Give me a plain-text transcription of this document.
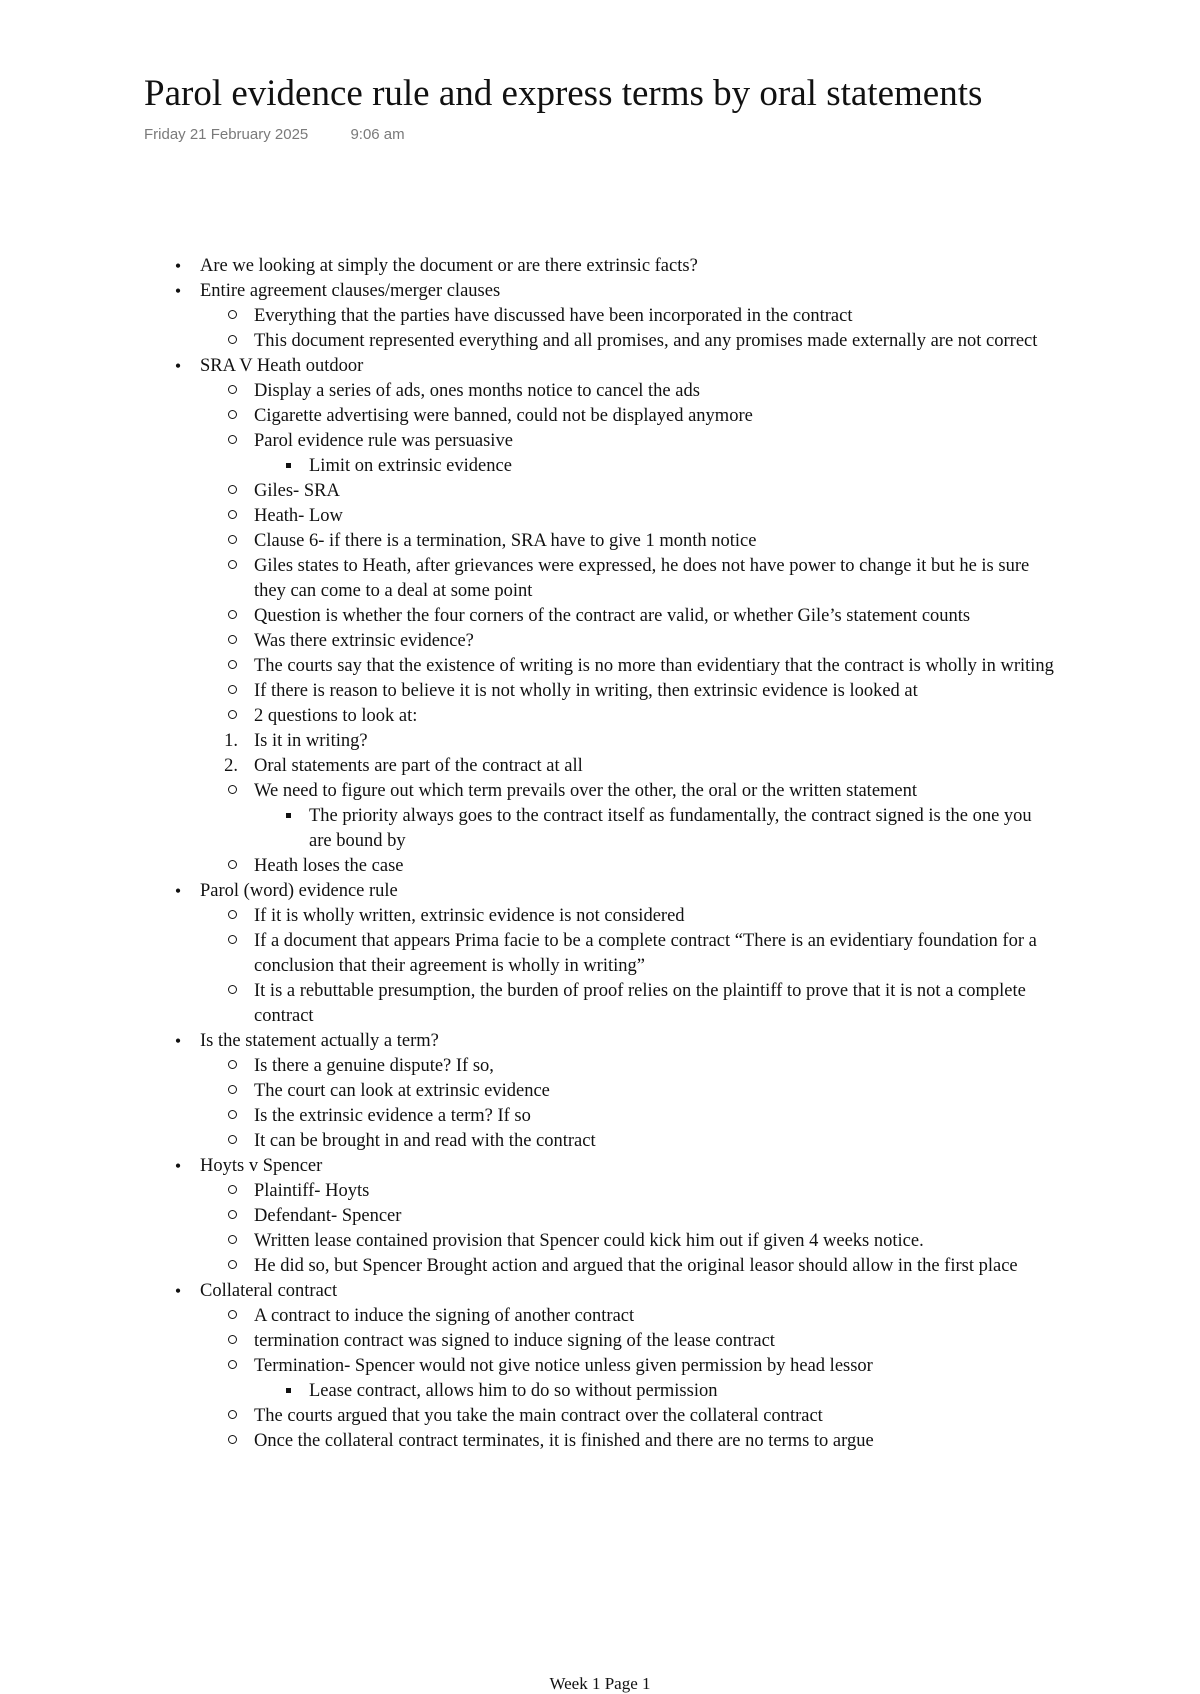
Parol evidence rule and express terms by oral statements
Friday 21 February 2025	9:06 am
•
Are we looking at simply the document or are there extrinsic facts?
•
Entire agreement clauses/merger clauses
Everything that the parties have discussed have been incorporated in the contract
This document represented everything and all promises, and any promises made externally are not correct
•
SRA V Heath outdoor
Display a series of ads, ones months notice to cancel the ads
Cigarette advertising were banned, could not be displayed anymore
Parol evidence rule was persuasive
Limit on extrinsic evidence
Giles- SRA
Heath- Low
Clause 6- if there is a termination, SRA have to give 1 month notice
Giles states to Heath, after grievances were expressed, he does not have power to change it but he is sure they can come to a deal at some point
Question is whether the four corners of the contract are valid, or whether Gile’s statement counts
Was there extrinsic evidence?
The courts say that the existence of writing is no more than evidentiary that the contract is wholly in writing
If there is reason to believe it is not wholly in writing, then extrinsic evidence is looked at
2 questions to look at:
1. Is it in writing?
2. Oral statements are part of the contract at all
We need to figure out which term prevails over the other, the oral or the written statement
The priority always goes to the contract itself as fundamentally, the contract signed is the one you are bound by
Heath loses the case
•
Parol (word) evidence rule
If it is wholly written, extrinsic evidence is not considered
If a document that appears Prima facie to be a complete contract “There is an evidentiary foundation for a conclusion that their agreement is wholly in writing”
It is a rebuttable presumption, the burden of proof relies on the plaintiff to prove that it is not a complete contract
•
Is the statement actually a term?
Is there a genuine dispute? If so,
The court can look at extrinsic evidence
Is the extrinsic evidence a term? If so
It can be brought in and read with the contract
•
Hoyts v Spencer
Plaintiff- Hoyts
Defendant- Spencer
Written lease contained provision that Spencer could kick him out if given 4 weeks notice.
He did so, but Spencer Brought action and argued that the original leasor should allow in the first place
•
Collateral contract
A contract to induce the signing of another contract
termination contract was signed to induce signing of the lease contract
Termination- Spencer would not give notice unless given permission by head lessor
Lease contract, allows him to do so without permission
The courts argued that you take the main contract over the collateral contract
Once the collateral contract terminates, it is finished and there are no terms to argue
Week 1 Page 1
